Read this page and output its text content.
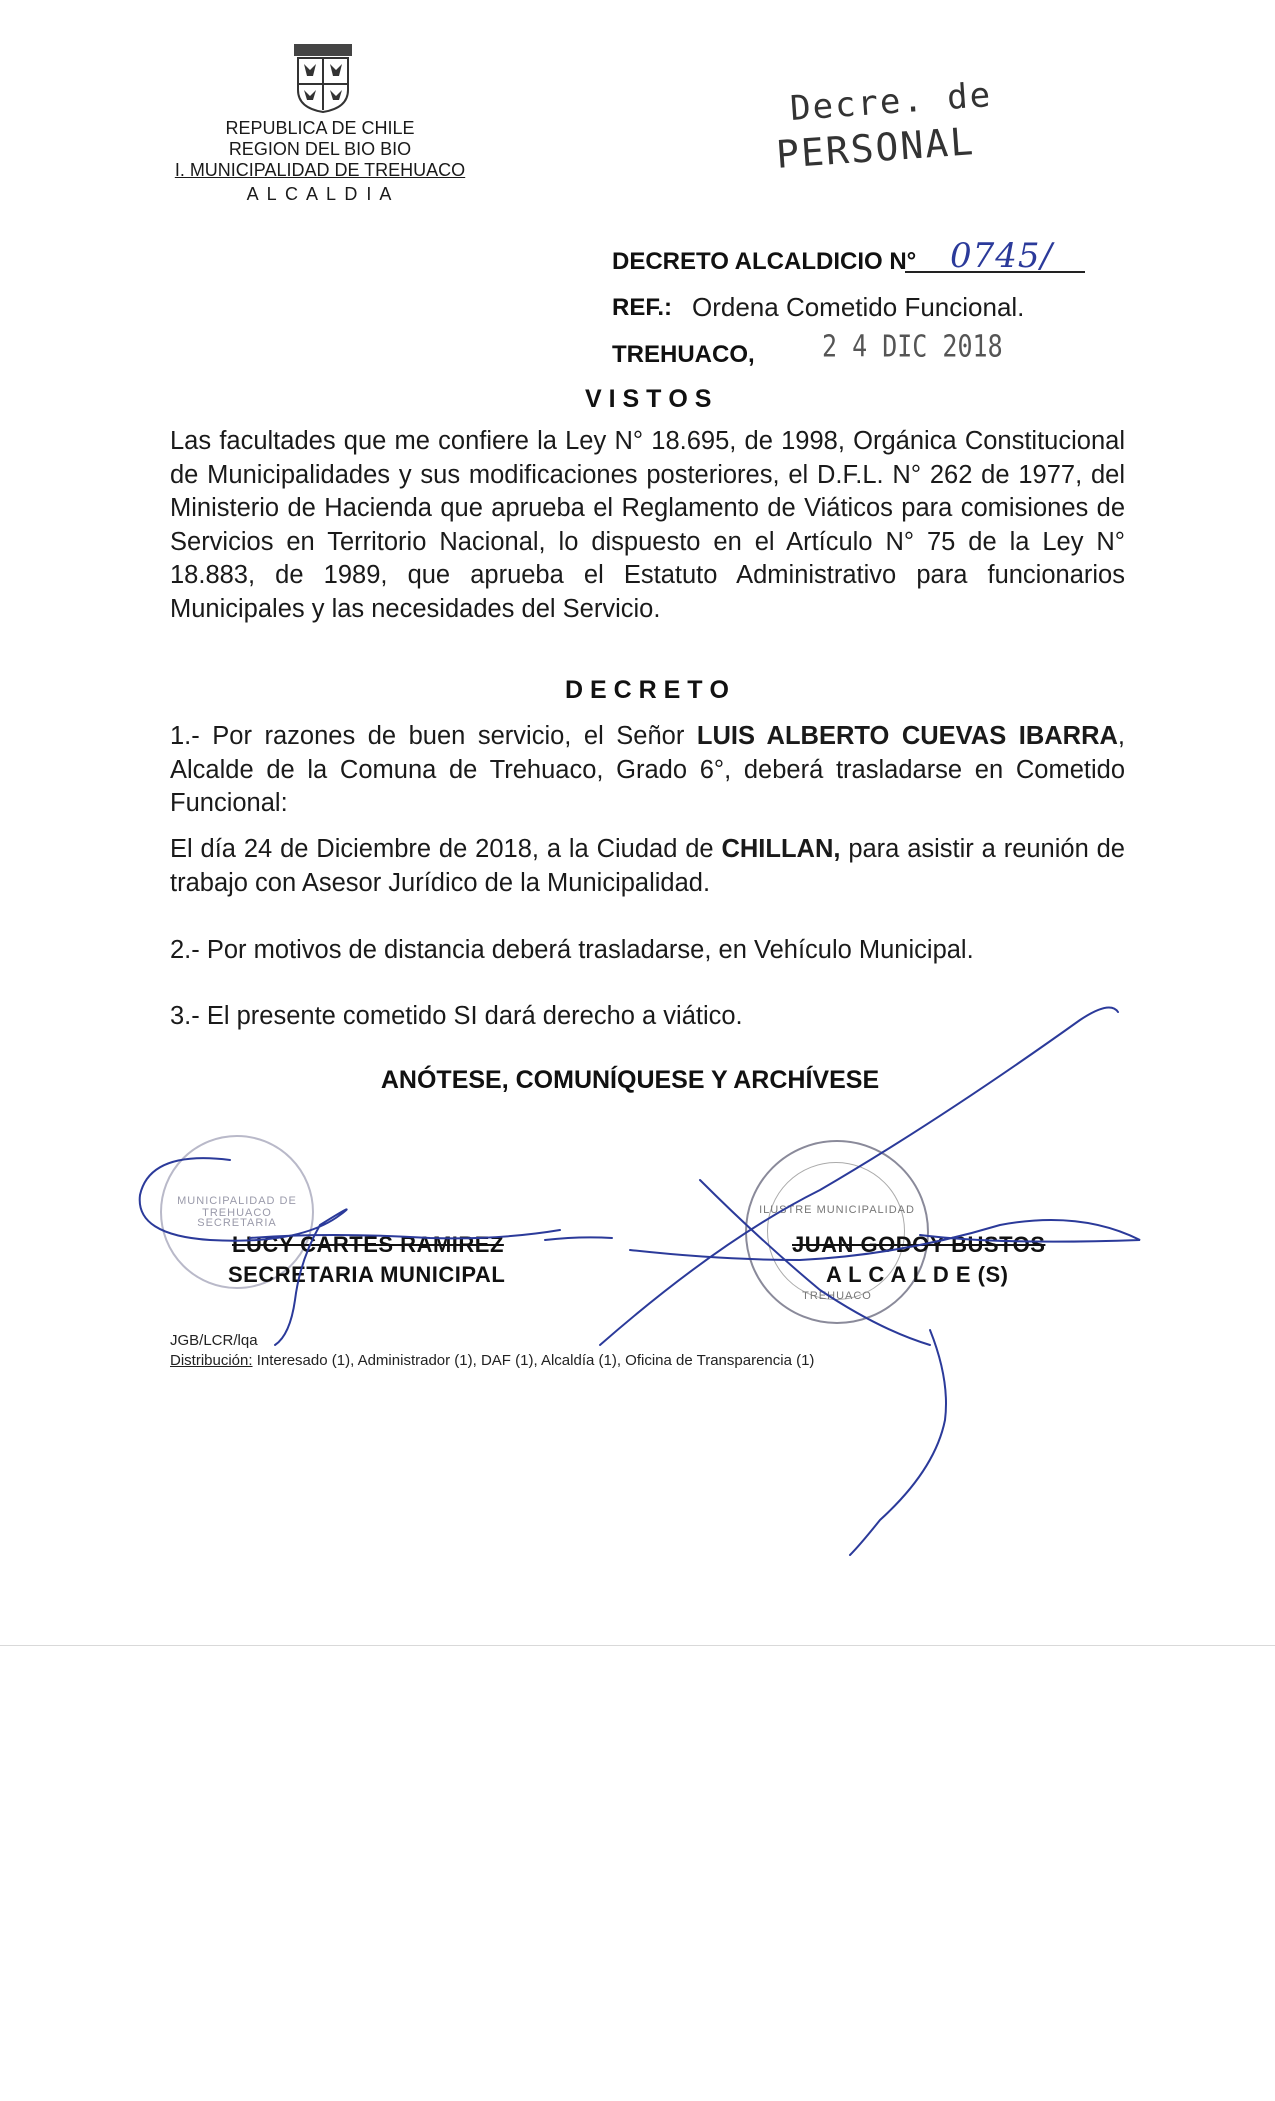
REPUBLICA DE CHILE
REGION DEL BIO BIO
I. MUNICIPALIDAD DE TREHUACO
A L C A L D I A
Decre. de
PERSONAL
DECRETO ALCALDICIO N° 0745/
REF.: Ordena Cometido Funcional.
TREHUACO,	2 4 DIC 2018
V I S T O S
Las facultades que me confiere la Ley N° 18.695, de 1998, Orgánica Constitucional de Municipalidades y sus modificaciones posteriores, el D.F.L. N° 262 de 1977, del Ministerio de Hacienda que aprueba el Reglamento de Viáticos para comisiones de Servicios en Territorio Nacional, lo dispuesto en el Artículo N° 75 de la Ley N° 18.883, de 1989, que aprueba el Estatuto Administrativo para funcionarios Municipales y las necesidades del Servicio.
D E C R E T O
1.- Por razones de buen servicio, el Señor LUIS ALBERTO CUEVAS IBARRA, Alcalde de la Comuna de Trehuaco, Grado 6°, deberá trasladarse en Cometido Funcional:
El día 24 de Diciembre de 2018, a la Ciudad de CHILLAN, para asistir a reunión de trabajo con Asesor Jurídico de la Municipalidad.
2.- Por motivos de distancia deberá trasladarse, en Vehículo Municipal.
3.- El presente cometido SI dará derecho a viático.
ANÓTESE, COMUNÍQUESE Y ARCHÍVESE
MUNICIPALIDAD DE TREHUACO
SECRETARIA
ILUSTRE MUNICIPALIDAD
TREHUACO
LUCY CARTES RAMIREZ
SECRETARIA MUNICIPAL
JUAN GODOY BUSTOS
A L C A L D E (S)
JGB/LCR/lqa
Distribución: Interesado (1), Administrador (1), DAF (1), Alcaldía (1), Oficina de Transparencia (1)
